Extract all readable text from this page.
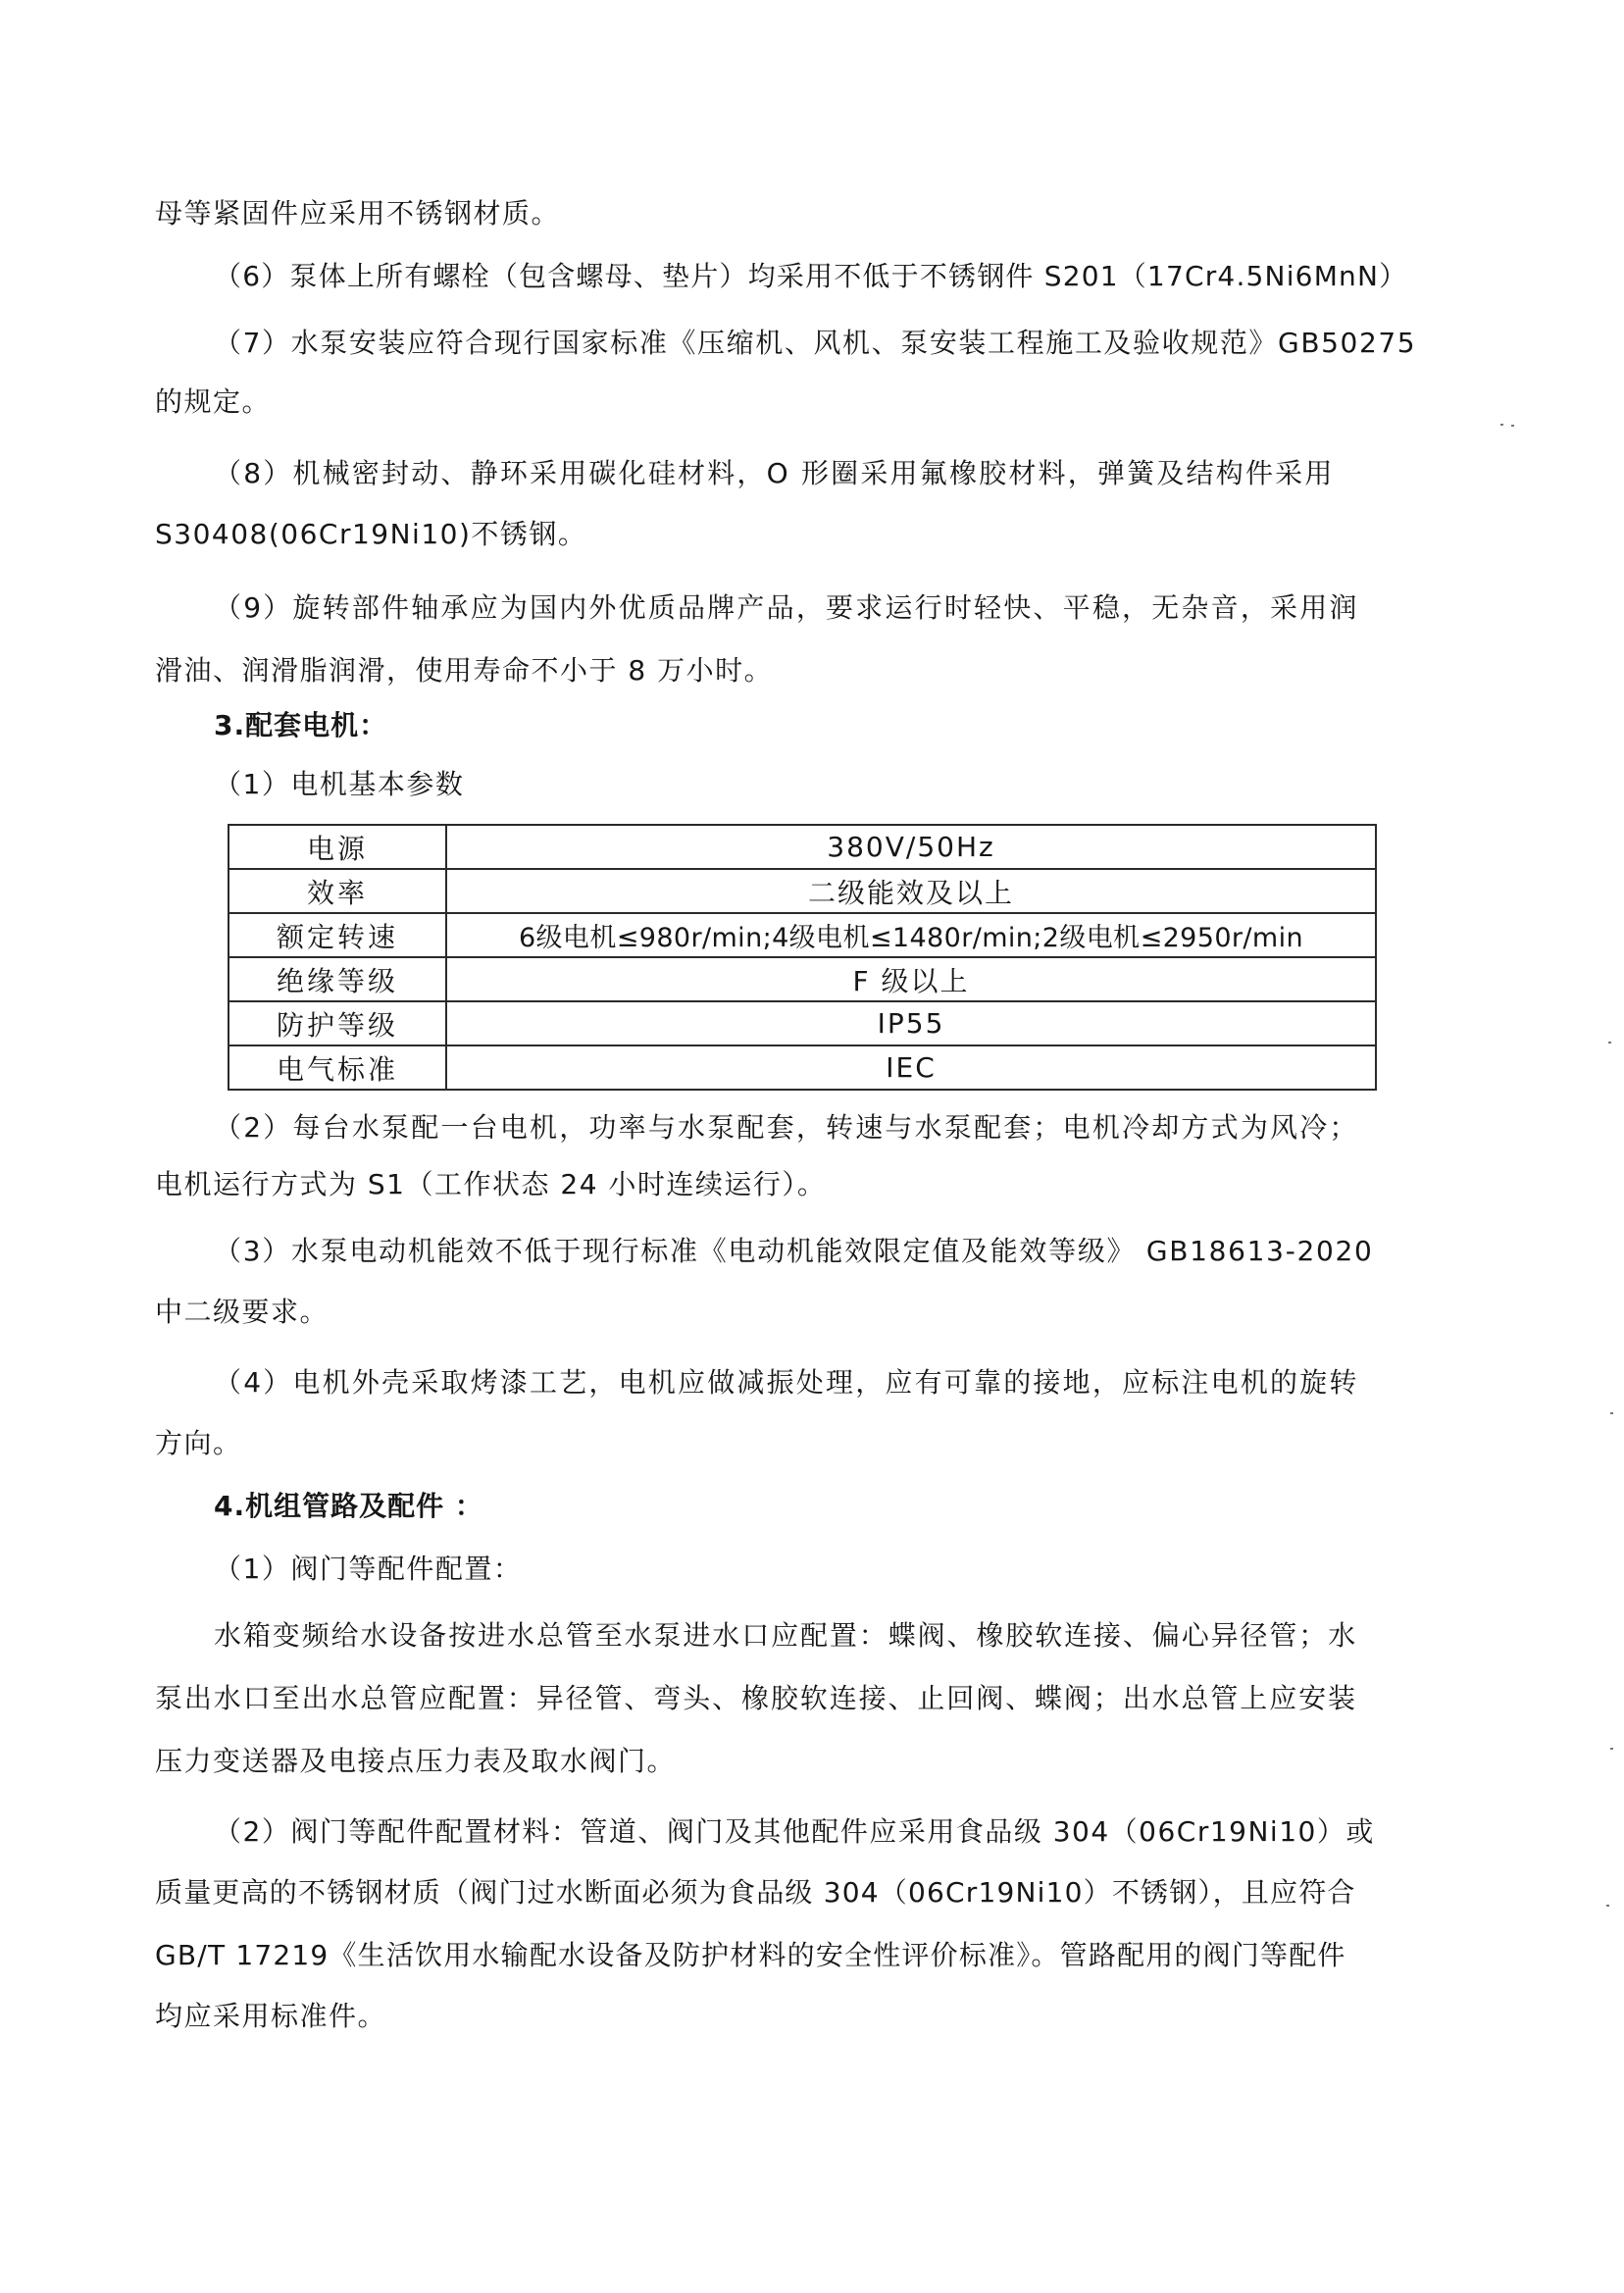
母等紧固件应采用不锈钢材质。
（6）泵体上所有螺栓（包含螺母、垫片）均采用不低于不锈钢件 S201（17Cr4.5Ni6MnN）
（7）水泵安装应符合现行国家标准《压缩机、风机、泵安装工程施工及验收规范》GB50275
的规定。
（8）机械密封动、静环采用碳化硅材料，O 形圈采用氟橡胶材料，弹簧及结构件采用
S30408(06Cr19Ni10)不锈钢。
（9）旋转部件轴承应为国内外优质品牌产品，要求运行时轻快、平稳，无杂音，采用润
滑油、润滑脂润滑，使用寿命不小于 8 万小时。
3.配套电机：
（1）电机基本参数
电源	380V/50Hz
效率	二级能效及以上
额定转速	6级电机≤980r/min;4级电机≤1480r/min;2级电机≤2950r/min
绝缘等级	F 级以上
防护等级	IP55
电气标准	IEC
（2）每台水泵配一台电机，功率与水泵配套，转速与水泵配套；电机冷却方式为风冷；
电机运行方式为 S1（工作状态 24 小时连续运行）。
（3）水泵电动机能效不低于现行标准《电动机能效限定值及能效等级》 GB18613-2020
中二级要求。
（4）电机外壳采取烤漆工艺，电机应做减振处理，应有可靠的接地，应标注电机的旋转
方向。
4.机组管路及配件 ：
（1）阀门等配件配置：
水箱变频给水设备按进水总管至水泵进水口应配置：蝶阀、橡胶软连接、偏心异径管；水
泵出水口至出水总管应配置：异径管、弯头、橡胶软连接、止回阀、蝶阀；出水总管上应安装
压力变送器及电接点压力表及取水阀门。
（2）阀门等配件配置材料：管道、阀门及其他配件应采用食品级 304（06Cr19Ni10）或
质量更高的不锈钢材质（阀门过水断面必须为食品级 304（06Cr19Ni10）不锈钢），且应符合
GB/T 17219《生活饮用水输配水设备及防护材料的安全性评价标准》。管路配用的阀门等配件
均应采用标准件。
